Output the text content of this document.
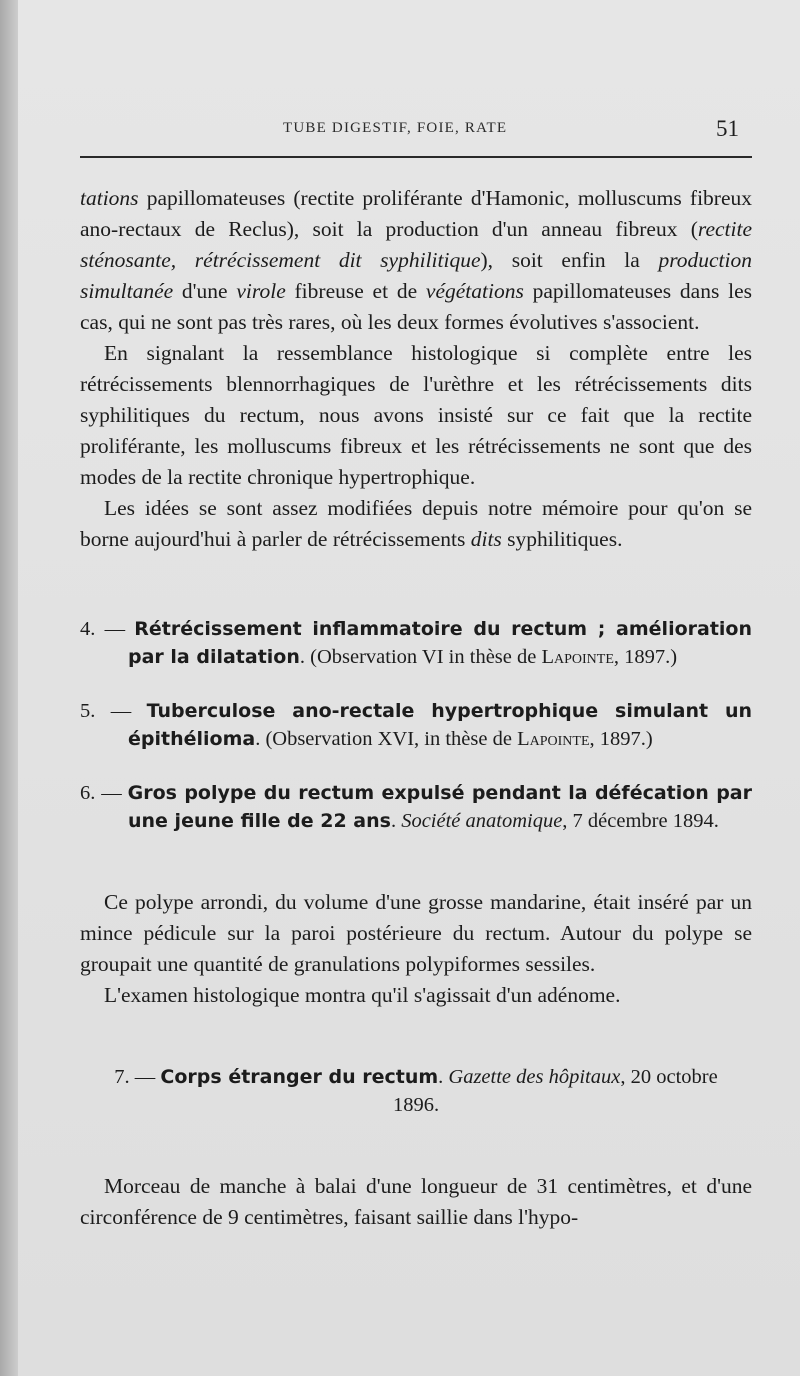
TUBE DIGESTIF, FOIE, RATE	51

tations papillomateuses (rectite proliférante d'Hamonic, molluscums fibreux ano-rectaux de Reclus), soit la production d'un anneau fibreux (rectite sténosante, rétrécissement dit syphilitique), soit enfin la production simultanée d'une virole fibreuse et de végétations papillomateuses dans les cas, qui ne sont pas très rares, où les deux formes évolutives s'associent.

En signalant la ressemblance histologique si complète entre les rétrécissements blennorrhagiques de l'urèthre et les rétrécissements dits syphilitiques du rectum, nous avons insisté sur ce fait que la rectite proliférante, les molluscums fibreux et les rétrécissements ne sont que des modes de la rectite chronique hypertrophique.

Les idées se sont assez modifiées depuis notre mémoire pour qu'on se borne aujourd'hui à parler de rétrécissements dits syphilitiques.

4. — Rétrécissement inflammatoire du rectum ; amélioration par la dilatation. (Observation VI in thèse de Lapointe, 1897.)

5. — Tuberculose ano-rectale hypertrophique simulant un épithélioma. (Observation XVI, in thèse de Lapointe, 1897.)

6. — Gros polype du rectum expulsé pendant la défécation par une jeune fille de 22 ans. Société anatomique, 7 décembre 1894.

Ce polype arrondi, du volume d'une grosse mandarine, était inséré par un mince pédicule sur la paroi postérieure du rectum. Autour du polype se groupait une quantité de granulations polypiformes sessiles.

L'examen histologique montra qu'il s'agissait d'un adénome.

7. — Corps étranger du rectum. Gazette des hôpitaux, 20 octobre 1896.

Morceau de manche à balai d'une longueur de 31 centimètres, et d'une circonférence de 9 centimètres, faisant saillie dans l'hypo-
